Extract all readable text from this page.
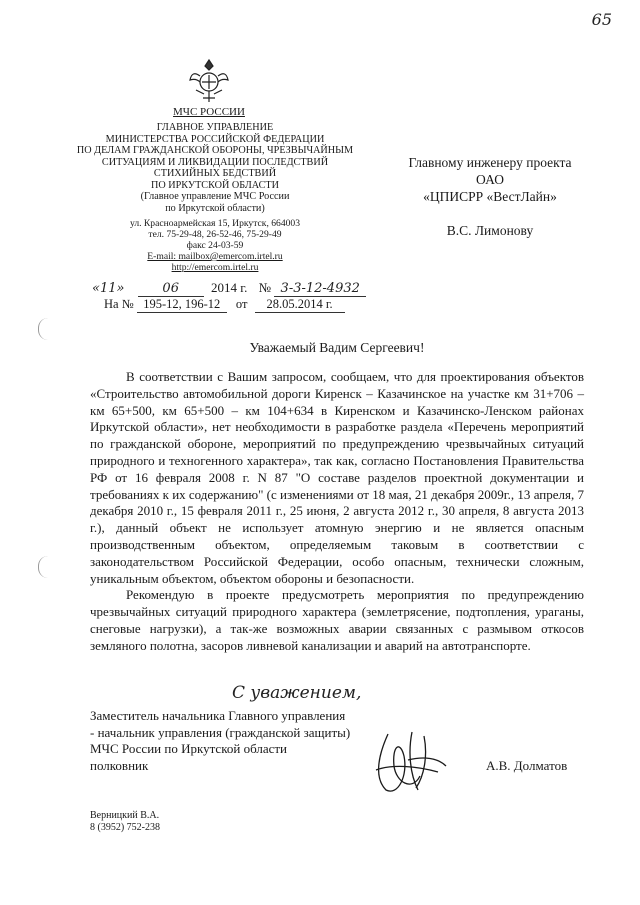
65
МЧС РОССИИ
ГЛАВНОЕ УПРАВЛЕНИЕ
МИНИСТЕРСТВА РОССИЙСКОЙ ФЕДЕРАЦИИ
ПО ДЕЛАМ ГРАЖДАНСКОЙ ОБОРОНЫ, ЧРЕЗВЫЧАЙНЫМ
СИТУАЦИЯМ И ЛИКВИДАЦИИ ПОСЛЕДСТВИЙ
СТИХИЙНЫХ БЕДСТВИЙ
ПО ИРКУТСКОЙ ОБЛАСТИ
(Главное управление МЧС России
по Иркутской области)
ул. Красноармейская 15, Иркутск, 664003
тел. 75-29-48, 26-52-46, 75-29-49
факс 24-03-59
E-mail: mailbox@emercom.irtel.ru
http://emercom.irtel.ru
«11»	06 2014 г. № 3-3-12-4932
На № 195-12, 196-12 от 28.05.2014 г.
Главному инженеру проекта
ОАО
«ЦПИСРР «ВестЛайн»
В.С. Лимонову
Уважаемый Вадим Сергеевич!

В соответствии с Вашим запросом, сообщаем, что для проектирования объектов «Строительство автомобильной дороги Киренск – Казачинское на участке км 31+706 – км 65+500, км 65+500 – км 104+634 в Киренском и Казачинско-Ленском районах Иркутской области», нет необходимости в разработке раздела «Перечень мероприятий по гражданской обороне, мероприятий по предупреждению чрезвычайных ситуаций природного и техногенного характера», так как, согласно Постановления Правительства РФ от 16 февраля 2008 г. N 87 "О составе разделов проектной документации и требованиях к их содержанию" (с изменениями от 18 мая, 21 декабря 2009г., 13 апреля, 7 декабря 2010 г., 15 февраля 2011 г., 25 июня, 2 августа 2012 г., 30 апреля, 8 августа 2013 г.), данный объект не использует атомную энергию и не является опасным производственным объектом, определяемым таковым в соответствии с законодательством Российской Федерации, особо опасным, технически сложным, уникальным объектом, объектом обороны и безопасности.

Рекомендую в проекте предусмотреть мероприятия по предупреждению чрезвычайных ситуаций природного характера (землетрясение, подтопления, ураганы, снеговые нагрузки), а так-же возможных аварии связанных с размывом откосов земляного полотна, засоров ливневой канализации и аварий на автотранспорте.

С уважением,
Заместитель начальника Главного управления
- начальник управления (гражданской защиты)
МЧС России по Иркутской области
полковник	А.В. Долматов
Верницкий В.А.
8 (3952) 752-238
